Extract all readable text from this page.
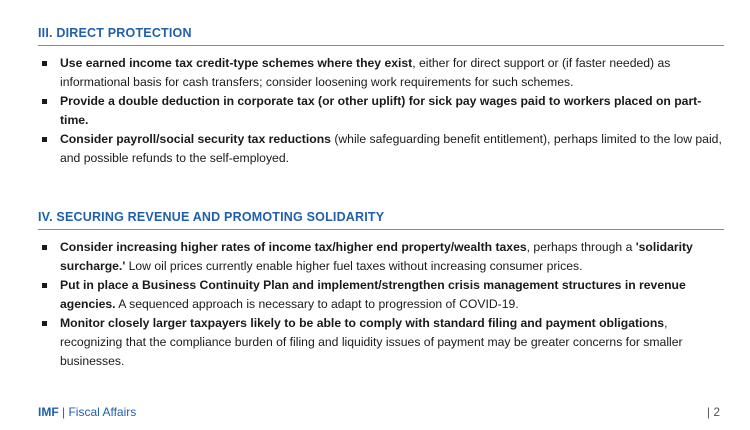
III. DIRECT PROTECTION
Use earned income tax credit-type schemes where they exist, either for direct support or (if faster needed) as informational basis for cash transfers; consider loosening work requirements for such schemes.
Provide a double deduction in corporate tax (or other uplift) for sick pay wages paid to workers placed on part-time.
Consider payroll/social security tax reductions (while safeguarding benefit entitlement), perhaps limited to the low paid, and possible refunds to the self-employed.
IV. SECURING REVENUE AND PROMOTING SOLIDARITY
Consider increasing higher rates of income tax/higher end property/wealth taxes, perhaps through a 'solidarity surcharge.' Low oil prices currently enable higher fuel taxes without increasing consumer prices.
Put in place a Business Continuity Plan and implement/strengthen crisis management structures in revenue agencies. A sequenced approach is necessary to adapt to progression of COVID-19.
Monitor closely larger taxpayers likely to be able to comply with standard filing and payment obligations, recognizing that the compliance burden of filing and liquidity issues of payment may be greater concerns for smaller businesses.
IMF | Fiscal Affairs	| 2
